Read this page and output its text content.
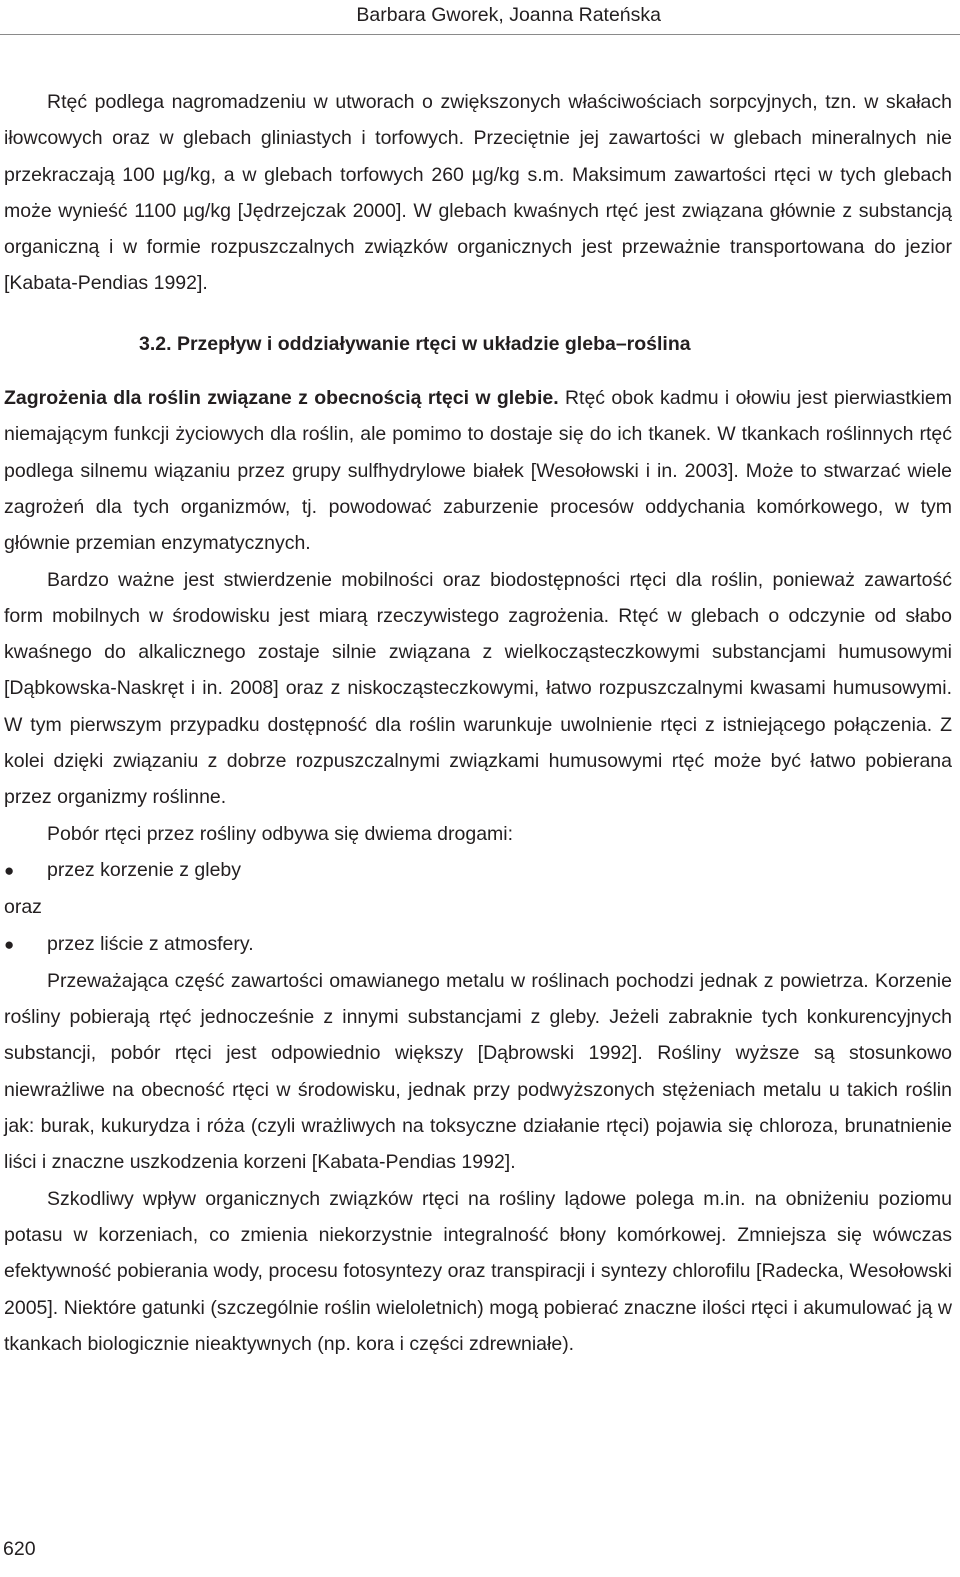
Barbara Gworek, Joanna Rateńska

Rtęć podlega nagromadzeniu w utworach o zwiększonych właściwościach sorpcyjnych, tzn. w skałach iłowcowych oraz w glebach gliniastych i torfowych. Przeciętnie jej zawartości w glebach mineralnych nie przekraczają 100 µg/kg, a w glebach torfowych 260 µg/kg s.m. Maksimum zawartości rtęci w tych glebach może wynieść 1100 µg/kg [Jędrzejczak 2000]. W glebach kwaśnych rtęć jest związana głównie z substancją organiczną i w formie rozpuszczalnych związków organicznych jest przeważnie transportowana do jezior [Kabata-Pendias 1992].

3.2. Przepływ i oddziaływanie rtęci w układzie gleba–roślina

Zagrożenia dla roślin związane z obecnością rtęci w glebie. Rtęć obok kadmu i ołowiu jest pierwiastkiem niemającym funkcji życiowych dla roślin, ale pomimo to dostaje się do ich tkanek. W tkankach roślinnych rtęć podlega silnemu wiązaniu przez grupy sulfhydrylowe białek [Wesołowski i in. 2003]. Może to stwarzać wiele zagrożeń dla tych organizmów, tj. powodować zaburzenie procesów oddychania komórkowego, w tym głównie przemian enzymatycznych.

Bardzo ważne jest stwierdzenie mobilności oraz biodostępności rtęci dla roślin, ponieważ zawartość form mobilnych w środowisku jest miarą rzeczywistego zagrożenia. Rtęć w glebach o odczynie od słabo kwaśnego do alkalicznego zostaje silnie związana z wielkocząsteczkowymi substancjami humusowymi [Dąbkowska-Naskręt i in. 2008] oraz z niskocząsteczkowymi, łatwo rozpuszczalnymi kwasami humusowymi. W tym pierwszym przypadku dostępność dla roślin warunkuje uwolnienie rtęci z istniejącego połączenia. Z kolei dzięki związaniu z dobrze rozpuszczalnymi związkami humusowymi rtęć może być łatwo pobierana przez organizmy roślinne.

Pobór rtęci przez rośliny odbywa się dwiema drogami:

●	przez korzenie z gleby

oraz

●	przez liście z atmosfery.

Przeważająca część zawartości omawianego metalu w roślinach pochodzi jednak z powietrza. Korzenie rośliny pobierają rtęć jednocześnie z innymi substancjami z gleby. Jeżeli zabraknie tych konkurencyjnych substancji, pobór rtęci jest odpowiednio większy [Dąbrowski 1992]. Rośliny wyższe są stosunkowo niewrażliwe na obecność rtęci w środowisku, jednak przy podwyższonych stężeniach metalu u takich roślin jak: burak, kukurydza i róża (czyli wrażliwych na toksyczne działanie rtęci) pojawia się chloroza, brunatnienie liści i znaczne uszkodzenia korzeni [Kabata-Pendias 1992].

Szkodliwy wpływ organicznych związków rtęci na rośliny lądowe polega m.in. na obniżeniu poziomu potasu w korzeniach, co zmienia niekorzystnie integralność błony komórkowej. Zmniejsza się wówczas efektywność pobierania wody, procesu fotosyntezy oraz transpiracji i syntezy chlorofilu [Radecka, Wesołowski 2005]. Niektóre gatunki (szczególnie roślin wieloletnich) mogą pobierać znaczne ilości rtęci i akumulować ją w tkankach biologicznie nieaktywnych (np. kora i części zdrewniałe).

620
